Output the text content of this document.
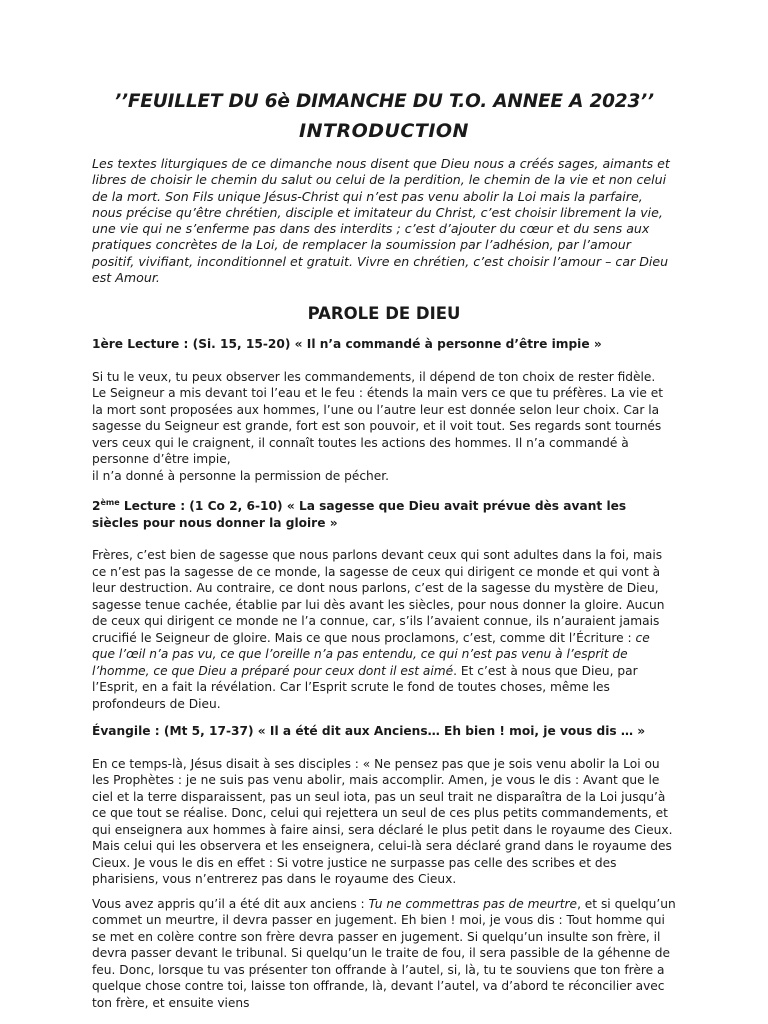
’’FEUILLET DU 6è DIMANCHE DU T.O. ANNEE A 2023’’
INTRODUCTION

Les textes liturgiques de ce dimanche nous disent que Dieu nous a créés sages, aimants et libres de choisir le chemin du salut ou celui de la perdition, le chemin de la vie et non celui de la mort. Son Fils unique Jésus-Christ qui n’est pas venu abolir la Loi mais la parfaire, nous précise qu’être chrétien, disciple et imitateur du Christ, c’est choisir librement la vie, une vie qui ne s’enferme pas dans des interdits ; c’est d’ajouter du cœur et du sens aux pratiques concrètes de la Loi, de remplacer la soumission par l’adhésion, par l’amour positif, vivifiant, inconditionnel et gratuit. Vivre en chrétien, c’est choisir l’amour – car Dieu est Amour.

PAROLE DE DIEU

1ère Lecture : (Si. 15, 15-20) « Il n’a commandé à personne d’être impie »

Si tu le veux, tu peux observer les commandements, il dépend de ton choix de rester fidèle.

Le Seigneur a mis devant toi l’eau et le feu : étends la main vers ce que tu préfères. La vie et la mort sont proposées aux hommes, l’une ou l’autre leur est donnée selon leur choix. Car la sagesse du Seigneur est grande, fort est son pouvoir, et il voit tout. Ses regards sont tournés vers ceux qui le craignent, il connaît toutes les actions des hommes. Il n’a commandé à personne d’être impie,

il n’a donné à personne la permission de pécher.

2ème Lecture : (1 Co 2, 6-10) « La sagesse que Dieu avait prévue dès avant les siècles pour nous donner la gloire »

Frères, c’est bien de sagesse que nous parlons devant ceux qui sont adultes dans la foi, mais ce n’est pas la sagesse de ce monde, la sagesse de ceux qui dirigent ce monde et qui vont à leur destruction. Au contraire, ce dont nous parlons, c’est de la sagesse du mystère de Dieu, sagesse tenue cachée, établie par lui dès avant les siècles, pour nous donner la gloire. Aucun de ceux qui dirigent ce monde ne l’a connue, car, s’ils l’avaient connue, ils n’auraient jamais crucifié le Seigneur de gloire. Mais ce que nous proclamons, c’est, comme dit l’Écriture : ce que l’œil n’a pas vu, ce que l’oreille n’a pas entendu, ce qui n’est pas venu à l’esprit de l’homme, ce que Dieu a préparé pour ceux dont il est aimé. Et c’est à nous que Dieu, par l’Esprit, en a fait la révélation. Car l’Esprit scrute le fond de toutes choses, même les profondeurs de Dieu.

Évangile : (Mt 5, 17-37) « Il a été dit aux Anciens… Eh bien ! moi, je vous dis … »

En ce temps-là, Jésus disait à ses disciples : « Ne pensez pas que je sois venu abolir la Loi ou les Prophètes : je ne suis pas venu abolir, mais accomplir. Amen, je vous le dis : Avant que le ciel et la terre disparaissent, pas un seul iota, pas un seul trait ne disparaîtra de la Loi jusqu’à ce que tout se réalise. Donc, celui qui rejettera un seul de ces plus petits commandements, et qui enseignera aux hommes à faire ainsi, sera déclaré le plus petit dans le royaume des Cieux. Mais celui qui les observera et les enseignera, celui-là sera déclaré grand dans le royaume des Cieux. Je vous le dis en effet : Si votre justice ne surpasse pas celle des scribes et des pharisiens, vous n’entrerez pas dans le royaume des Cieux.

Vous avez appris qu’il a été dit aux anciens : Tu ne commettras pas de meurtre, et si quelqu’un commet un meurtre, il devra passer en jugement. Eh bien ! moi, je vous dis : Tout homme qui se met en colère contre son frère devra passer en jugement. Si quelqu’un insulte son frère, il devra passer devant le tribunal. Si quelqu’un le traite de fou, il sera passible de la géhenne de feu. Donc, lorsque tu vas présenter ton offrande à l’autel, si, là, tu te souviens que ton frère a quelque chose contre toi, laisse ton offrande, là, devant l’autel, va d’abord te réconcilier avec ton frère, et ensuite viens
